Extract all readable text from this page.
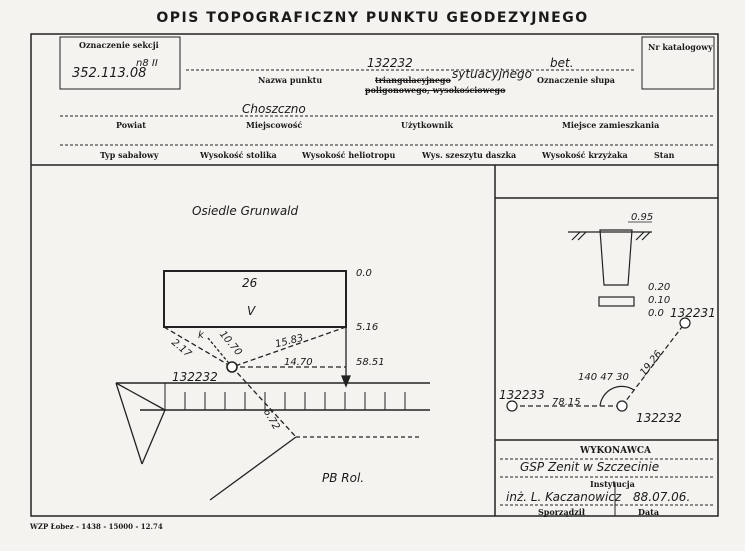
OPIS TOPOGRAFICZNY PUNKTU GEODEZYJNEGO
Oznaczenie sekcji
352.113.08
n8 II
Nr katalogowy
132232	bet.
Nazwa punktu	triangulacyjnego sytuacyjnego
poligonowego, wysokościowego
Oznaczenie słupa
Choszczno
Powiat	Miejscowość	Użytkownik	Miejsce zamieszkania
Typ sabałowy	Wysokość stolika	Wysokość heliotropu	Wys. szeszytu daszka	Wysokość krzyżaka	Stan
Osiedle Grunwald
26
V
132232
k	15.83
14.70
10.70
2.17
6.72
0.0
5.16
58.51
PB Rol.
0.95
0.20
0.10
0.0 132231
132233
132232
140 47 30 19.26
78.15
WYKONAWCA
GSP Zenit w Szczecinie
Instytucja
inż. L. Kaczanowicz 88.07.06.
Sporządził	Data
WZP Łobez - 1438 - 15000 - 12.74
